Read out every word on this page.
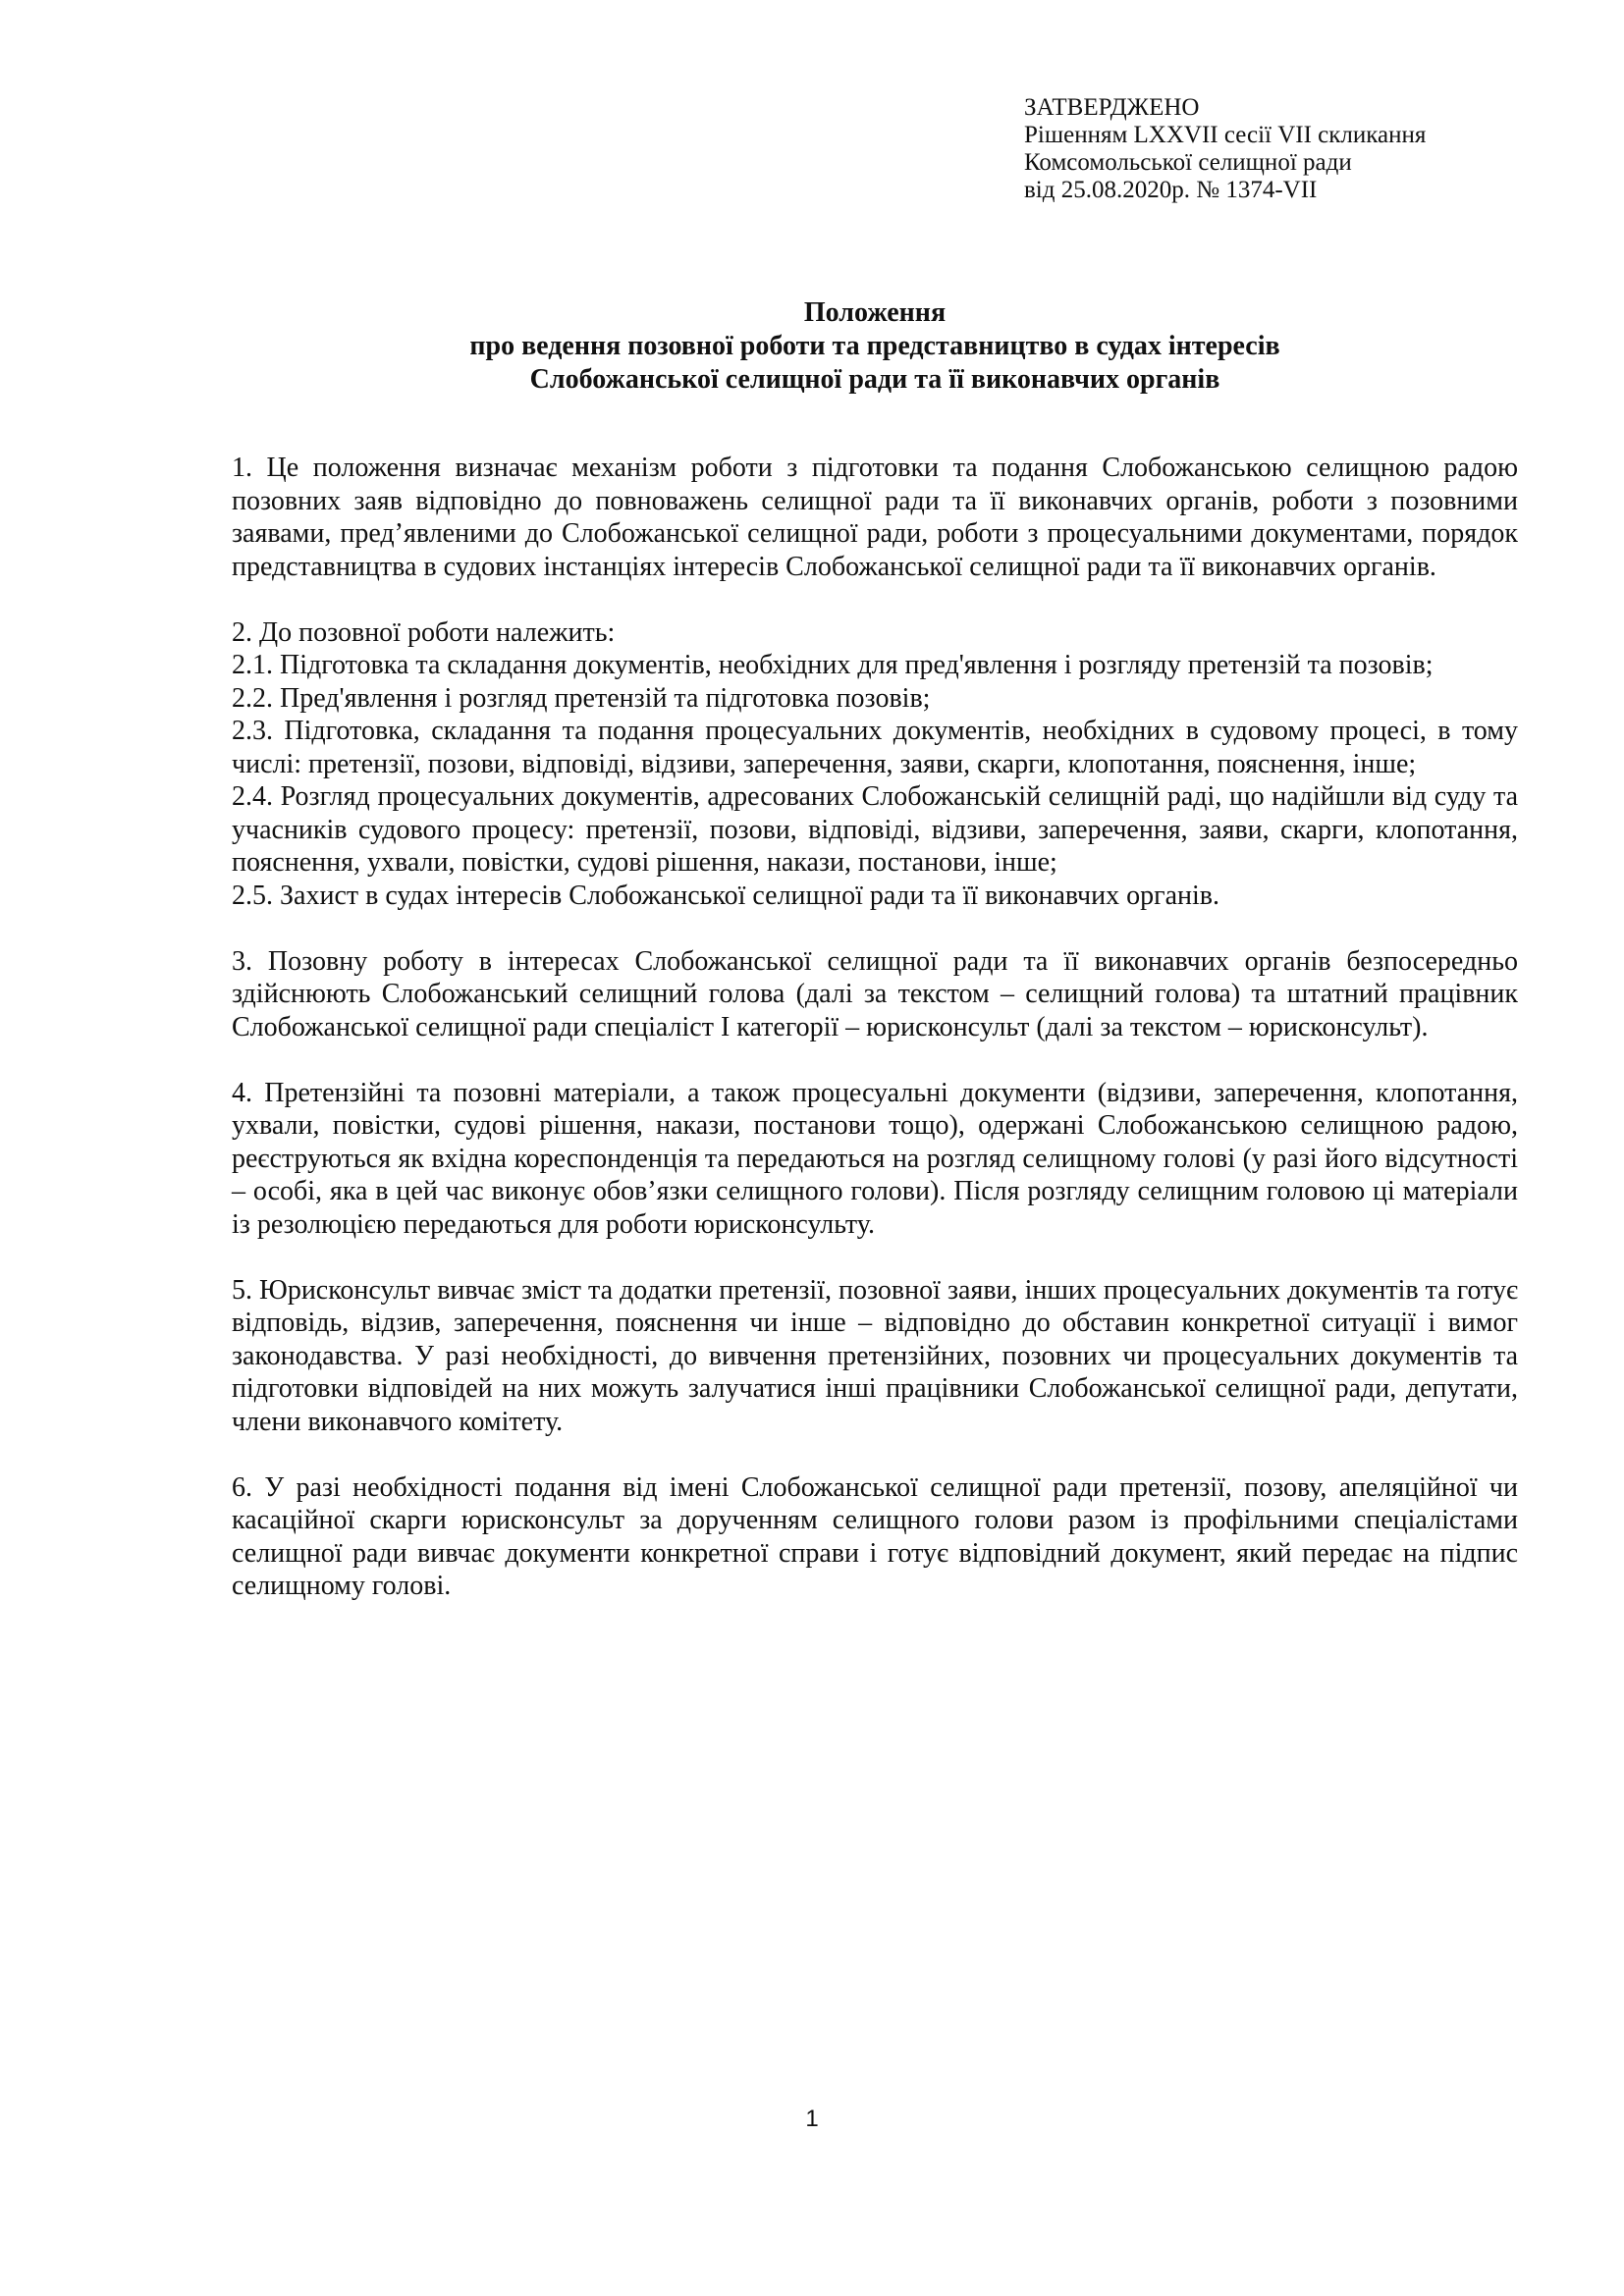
ЗАТВЕРДЖЕНО
Рішенням LXXVII сесії VII скликання
Комсомольської селищної ради
від 25.08.2020р. № 1374-VII
Положення
про ведення позовної роботи та представництво в судах інтересів
Слобожанської селищної ради та її виконавчих органів

1. Це положення визначає механізм роботи з підготовки та подання Слобожанською селищною радою позовних заяв відповідно до повноважень селищної ради та її виконавчих органів, роботи з позовними заявами, пред’явленими до Слобожанської селищної ради, роботи з процесуальними документами, порядок представництва в судових інстанціях інтересів Слобожанської селищної ради та її виконавчих органів.

2. До позовної роботи належить:

2.1. Підготовка та складання документів, необхідних для пред'явлення і розгляду претензій та позовів;

2.2. Пред'явлення і розгляд претензій та підготовка позовів;

2.3. Підготовка, складання та подання процесуальних документів, необхідних в судовому процесі, в тому числі: претензії, позови, відповіді, відзиви, заперечення, заяви, скарги, клопотання, пояснення, інше;

2.4. Розгляд процесуальних документів, адресованих Слобожанській селищній раді, що надійшли від суду та учасників судового процесу: претензії, позови, відповіді, відзиви, заперечення, заяви, скарги, клопотання, пояснення, ухвали, повістки, судові рішення, накази, постанови, інше;

2.5. Захист в судах інтересів Слобожанської селищної ради та її виконавчих органів.

3. Позовну роботу в інтересах Слобожанської селищної ради та її виконавчих органів безпосередньо здійснюють Слобожанський селищний голова (далі за текстом – селищний голова) та штатний працівник Слобожанської селищної ради спеціаліст І категорії – юрисконсульт (далі за текстом – юрисконсульт).

4. Претензійні та позовні матеріали, а також процесуальні документи (відзиви, заперечення, клопотання, ухвали, повістки, судові рішення, накази, постанови тощо), одержані Слобожанською селищною радою, реєструються як вхідна кореспонденція та передаються на розгляд селищному голові (у разі його відсутності – особі, яка в цей час виконує обов’язки селищного голови). Після розгляду селищним головою ці матеріали із резолюцією передаються для роботи юрисконсульту.

5. Юрисконсульт вивчає зміст та додатки претензії, позовної заяви, інших процесуальних документів та готує відповідь, відзив, заперечення, пояснення чи інше – відповідно до обставин конкретної ситуації і вимог законодавства. У разі необхідності, до вивчення претензійних, позовних чи процесуальних документів та підготовки відповідей на них можуть залучатися інші працівники Слобожанської селищної ради, депутати, члени виконавчого комітету.

6. У разі необхідності подання від імені Слобожанської селищної ради претензії, позову, апеляційної чи касаційної скарги юрисконсульт за дорученням селищного голови разом із профільними спеціалістами селищної ради вивчає документи конкретної справи і готує відповідний документ, який передає на підпис селищному голові.

1
